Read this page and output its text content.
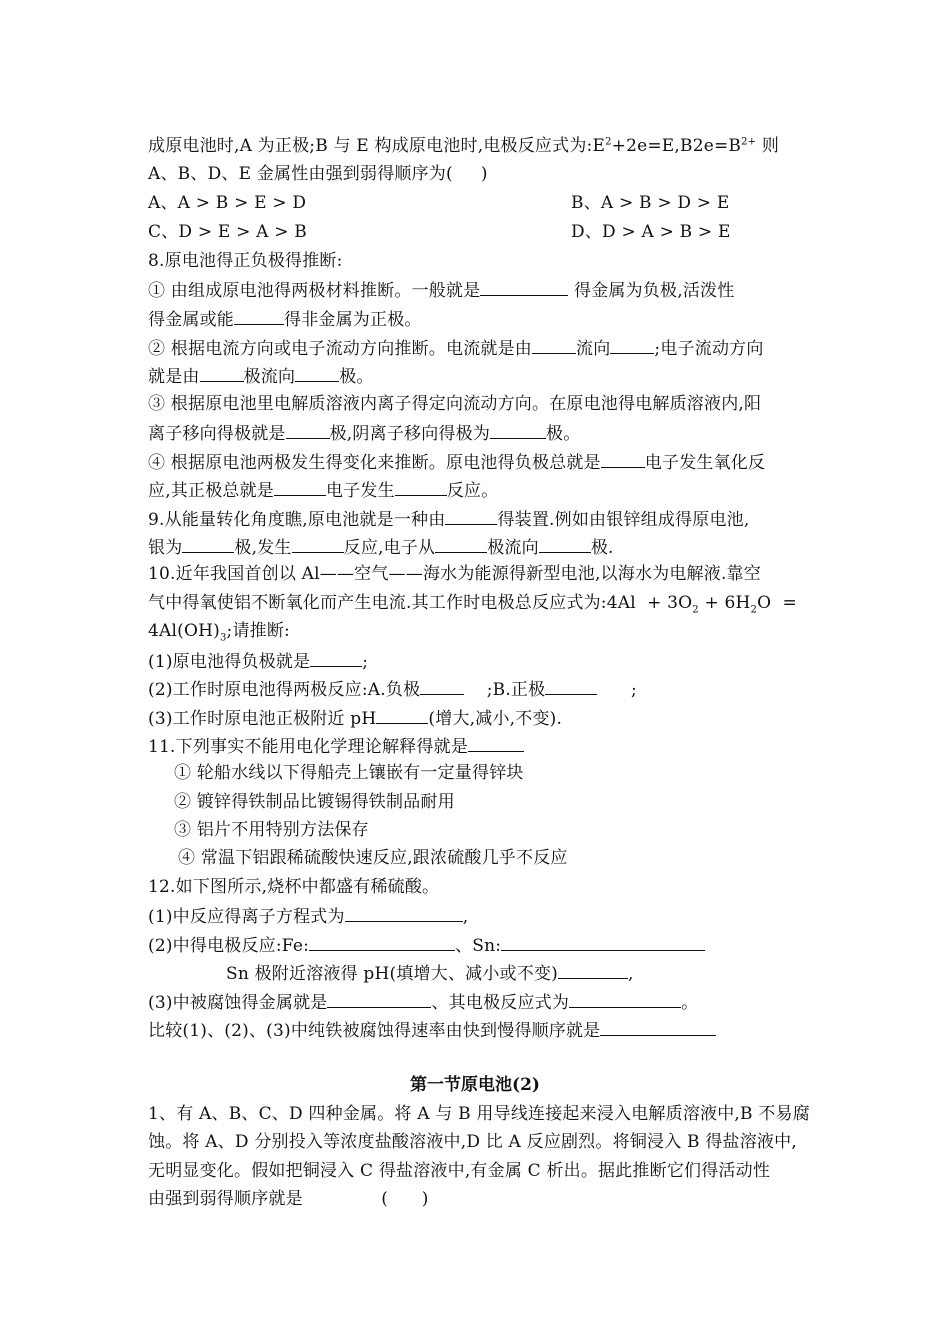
成原电池时,A 为正极;B 与 E 构成原电池时,电极反应式为$:E^2+2e=E,B2e=B^{2+}$ 则
A、B、D、E 金属性由强到弱得顺序为(     )
A、A > B > E > D	B、A > B > D > E
C、D > E > A > B	D、D > A > B > E
8.原电池得正负极得推断:
① 由组成原电池得两极材料推断。一般就是	得金属为负极,活泼性
得金属或能	得非金属为正极。
② 根据电流方向或电子流动方向推断。电流就是由	流向	;电子流动方向
就是由	极流向	极。
③ 根据原电池里电解质溶液内离子得定向流动方向。在原电池得电解质溶液内,阳
离子移向得极就是	极,阴离子移向得极为	极。
④ 根据原电池两极发生得变化来推断。原电池得负极总就是	电子发生氧化反
应,其正极总就是	电子发生	反应。
9.从能量转化角度瞧,原电池就是一种由	得装置.例如由银锌组成得原电池,
银为	极,发生	反应,电子从	极流向	极.
10.近年我国首创以 Al——空气——海水为能源得新型电池,以海水为电解液.靠空
气中得氧使铝不断氧化而产生电流.其工作时电极总反应式为:4Al  + $3O_2 + 6H_2O$  =
$4Al(OH)_3$;请推断:
(1)原电池得负极就是	;
(2)工作时原电池得两极反应:A.负极	;B.正极	;
(3)工作时原电池正极附近 pH	(增大,减小,不变).
11.下列事实不能用电化学理论解释得就是
① 轮船水线以下得船壳上镶嵌有一定量得锌块
② 镀锌得铁制品比镀锡得铁制品耐用
③ 铝片不用特别方法保存
④ 常温下铝跟稀硫酸快速反应,跟浓硫酸几乎不反应
12.如下图所示,烧杯中都盛有稀硫酸。
(1)中反应得离子方程式为	,
(2)中得电极反应:Fe:	、Sn:
Sn 极附近溶液得 pH(填增大、减小或不变)	,
(3)中被腐蚀得金属就是	、其电极反应式为	。
比较(1)、(2)、(3)中纯铁被腐蚀得速率由快到慢得顺序就是
第一节原电池(2)
1、有 A、B、C、D 四种金属。将 A 与 B 用导线连接起来浸入电解质溶液中,B 不易腐
蚀。将 A、D 分别投入等浓度盐酸溶液中,D 比 A 反应剧烈。将铜浸入 B 得盐溶液中,
无明显变化。假如把铜浸入 C 得盐溶液中,有金属 C 析出。据此推断它们得活动性
由强到弱得顺序就是              (      )
